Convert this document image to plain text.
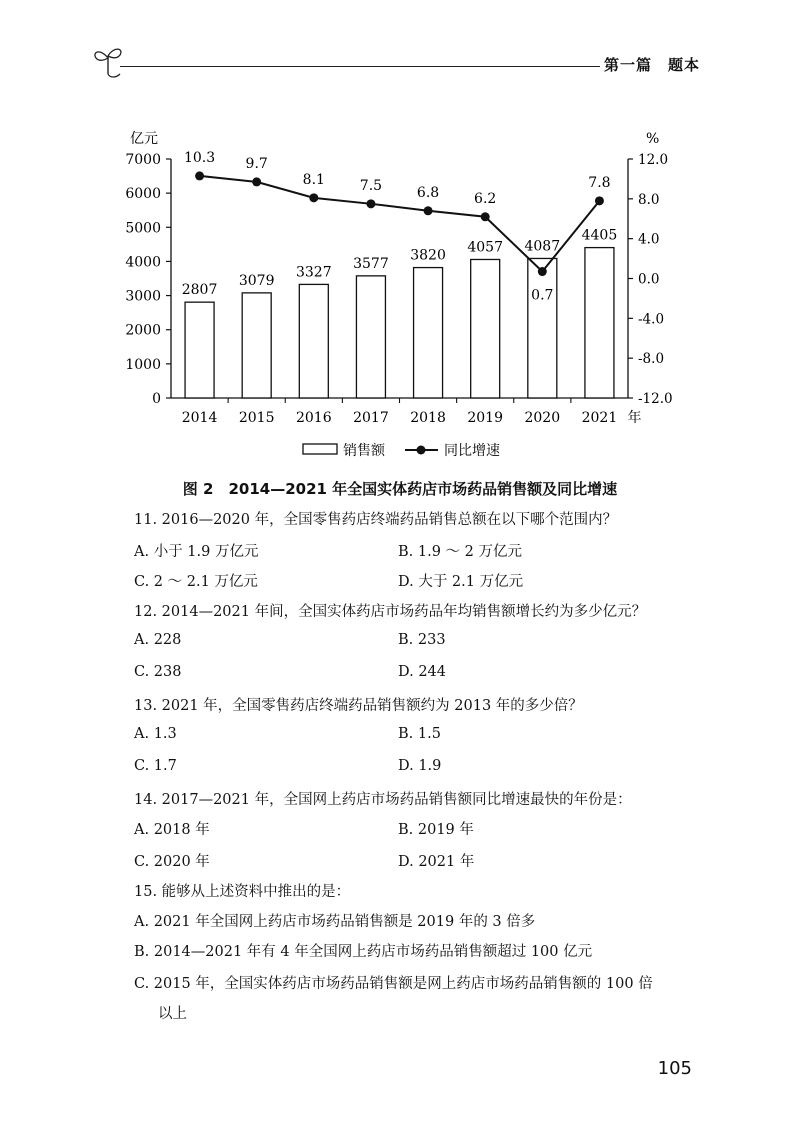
第一篇　题本
亿元	%
0
1000
2000
3000
4000
5000
6000
7000
-12.0
-8.0
-4.0
0.0
4.0
8.0
12.0
2014 2015 2016 2017 2018 2019 2020 2021 年
2807
3079
3327
3577
3820
4057 4087
4405
10.3 9.7
8.1 7.5 6.8 6.2
0.7
7.8
销售额	同比增速
图 2　2014—2021 年全国实体药店市场药品销售额及同比增速
11. 2016—2020 年，全国零售药店终端药品销售总额在以下哪个范围内？
A. 小于 1.9 万亿元	B. 1.9 ～ 2 万亿元
C. 2 ～ 2.1 万亿元	D. 大于 2.1 万亿元
12. 2014—2021 年间，全国实体药店市场药品年均销售额增长约为多少亿元？
A. 228	B. 233
C. 238	D. 244
13. 2021 年，全国零售药店终端药品销售额约为 2013 年的多少倍？
A. 1.3	B. 1.5
C. 1.7	D. 1.9
14. 2017—2021 年，全国网上药店市场药品销售额同比增速最快的年份是：
A. 2018 年	B. 2019 年
C. 2020 年	D. 2021 年
15. 能够从上述资料中推出的是：
A. 2021 年全国网上药店市场药品销售额是 2019 年的 3 倍多
B. 2014—2021 年有 4 年全国网上药店市场药品销售额超过 100 亿元
C. 2015 年，全国实体药店市场药品销售额是网上药店市场药品销售额的 100 倍
以上
105
